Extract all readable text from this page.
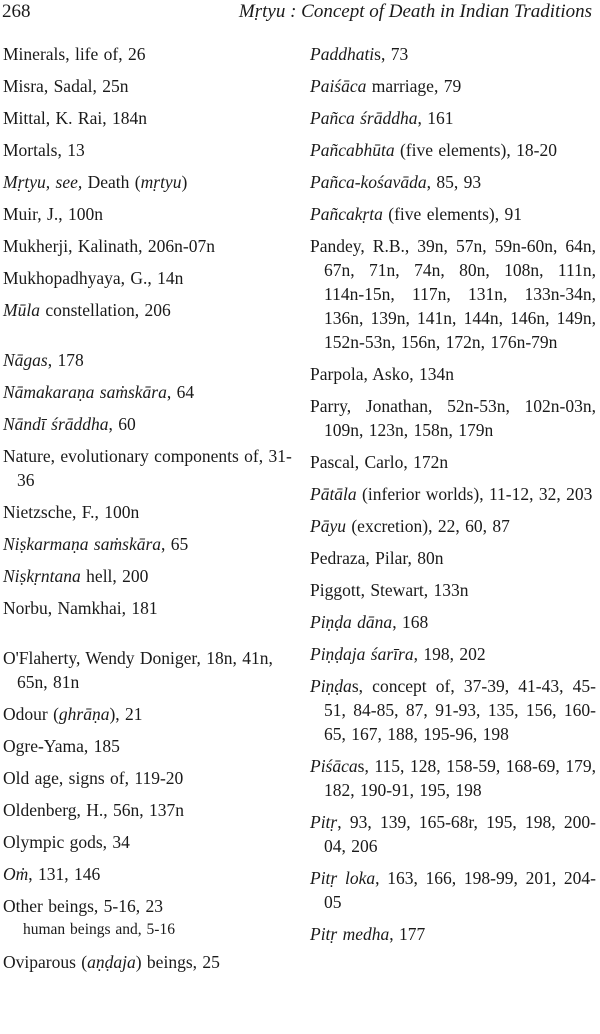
268	Mṛtyu : Concept of Death in Indian Traditions
Minerals, life of, 26
Misra, Sadal, 25n
Mittal, K. Rai, 184n
Mortals, 13
Mṛtyu, see, Death (mṛtyu)
Muir, J., 100n
Mukherji, Kalinath, 206n-07n
Mukhopadhyaya, G., 14n
Mūla constellation, 206
Nāgas, 178
Nāmakaraṇa saṁskāra, 64
Nāndī śrāddha, 60
Nature, evolutionary components of, 31-36
Nietzsche, F., 100n
Niṣkarmaṇa saṁskāra, 65
Niṣkṛntana hell, 200
Norbu, Namkhai, 181
O'Flaherty, Wendy Doniger, 18n, 41n, 65n, 81n
Odour (ghrāṇa), 21
Ogre-Yama, 185
Old age, signs of, 119-20
Oldenberg, H., 56n, 137n
Olympic gods, 34
Oṁ, 131, 146
Other beings, 5-16, 23
human beings and, 5-16
Oviparous (aṇḍaja) beings, 25
Paddhatis, 73
Paiśāca marriage, 79
Pañca śrāddha, 161
Pañcabhūta (five elements), 18-20
Pañca-kośavāda, 85, 93
Pañcakṛta (five elements), 91
Pandey, R.B., 39n, 57n, 59n-60n, 64n, 67n, 71n, 74n, 80n, 108n, 111n, 114n-15n, 117n, 131n, 133n-34n, 136n, 139n, 141n, 144n, 146n, 149n, 152n-53n, 156n, 172n, 176n-79n
Parpola, Asko, 134n
Parry, Jonathan, 52n-53n, 102n-03n, 109n, 123n, 158n, 179n
Pascal, Carlo, 172n
Pātāla (inferior worlds), 11-12, 32, 203
Pāyu (excretion), 22, 60, 87
Pedraza, Pilar, 80n
Piggott, Stewart, 133n
Piṇḍa dāna, 168
Piṇḍaja śarīra, 198, 202
Piṇḍas, concept of, 37-39, 41-43, 45-51, 84-85, 87, 91-93, 135, 156, 160-65, 167, 188, 195-96, 198
Piśācas, 115, 128, 158-59, 168-69, 179, 182, 190-91, 195, 198
Pitṛ, 93, 139, 165-68r, 195, 198, 200-04, 206
Pitṛ loka, 163, 166, 198-99, 201, 204-05
Pitṛ medha, 177
